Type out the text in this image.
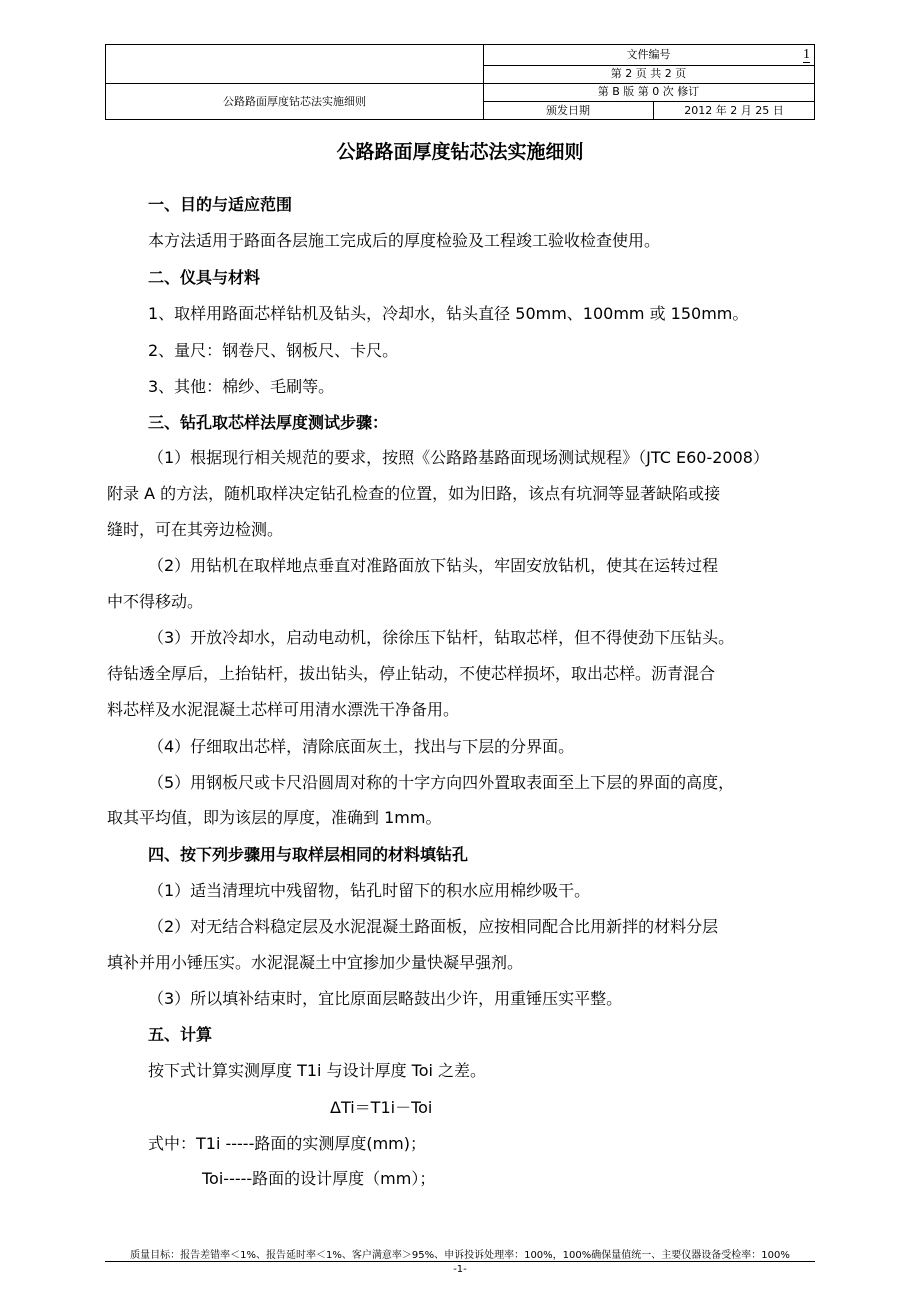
文件编号	1
第 2 页 共 2 页
第 B 版 第 0 次 修订
公路路面厚度钻芯法实施细则
颁发日期	2012 年 2 月 25 日
公路路面厚度钻芯法实施细则
一、目的与适应范围
本方法适用于路面各层施工完成后的厚度检验及工程竣工验收检查使用。
二、仪具与材料
1、取样用路面芯样钻机及钻头，冷却水，钻头直径 50mm、100mm 或 150mm。
2、量尺：钢卷尺、钢板尺、卡尺。
3、其他：棉纱、毛刷等。
三、钻孔取芯样法厚度测试步骤：
（1）根据现行相关规范的要求，按照《公路路基路面现场测试规程》（JTC E60-2008）
附录 A 的方法，随机取样决定钻孔检查的位置，如为旧路，该点有坑洞等显著缺陷或接
缝时，可在其旁边检测。
（2）用钻机在取样地点垂直对准路面放下钻头，牢固安放钻机，使其在运转过程
中不得移动。
（3）开放冷却水，启动电动机，徐徐压下钻杆，钻取芯样，但不得使劲下压钻头。
待钻透全厚后，上抬钻杆，拔出钻头，停止钻动，不使芯样损坏，取出芯样。沥青混合
料芯样及水泥混凝土芯样可用清水漂洗干净备用。
（4）仔细取出芯样，清除底面灰土，找出与下层的分界面。
（5）用钢板尺或卡尺沿圆周对称的十字方向四外置取表面至上下层的界面的高度，
取其平均值，即为该层的厚度，准确到 1mm。
四、按下列步骤用与取样层相同的材料填钻孔
（1）适当清理坑中残留物，钻孔时留下的积水应用棉纱吸干。
（2）对无结合料稳定层及水泥混凝土路面板，应按相同配合比用新拌的材料分层
填补并用小锤压实。水泥混凝土中宜掺加少量快凝早强剂。
（3）所以填补结束时，宜比原面层略鼓出少许，用重锤压实平整。
五、计算
按下式计算实测厚度 T1i 与设计厚度 Toi 之差。
ΔTi＝T1i－Toi
式中：T1i -----路面的实测厚度(mm)；
Toi-----路面的设计厚度（mm）；
质量目标：报告差错率＜1%、报告延时率＜1%、客户满意率＞95%、申诉投诉处理率：100%，100%确保量值统一、主要仪器设备受检率：100%
-1-
